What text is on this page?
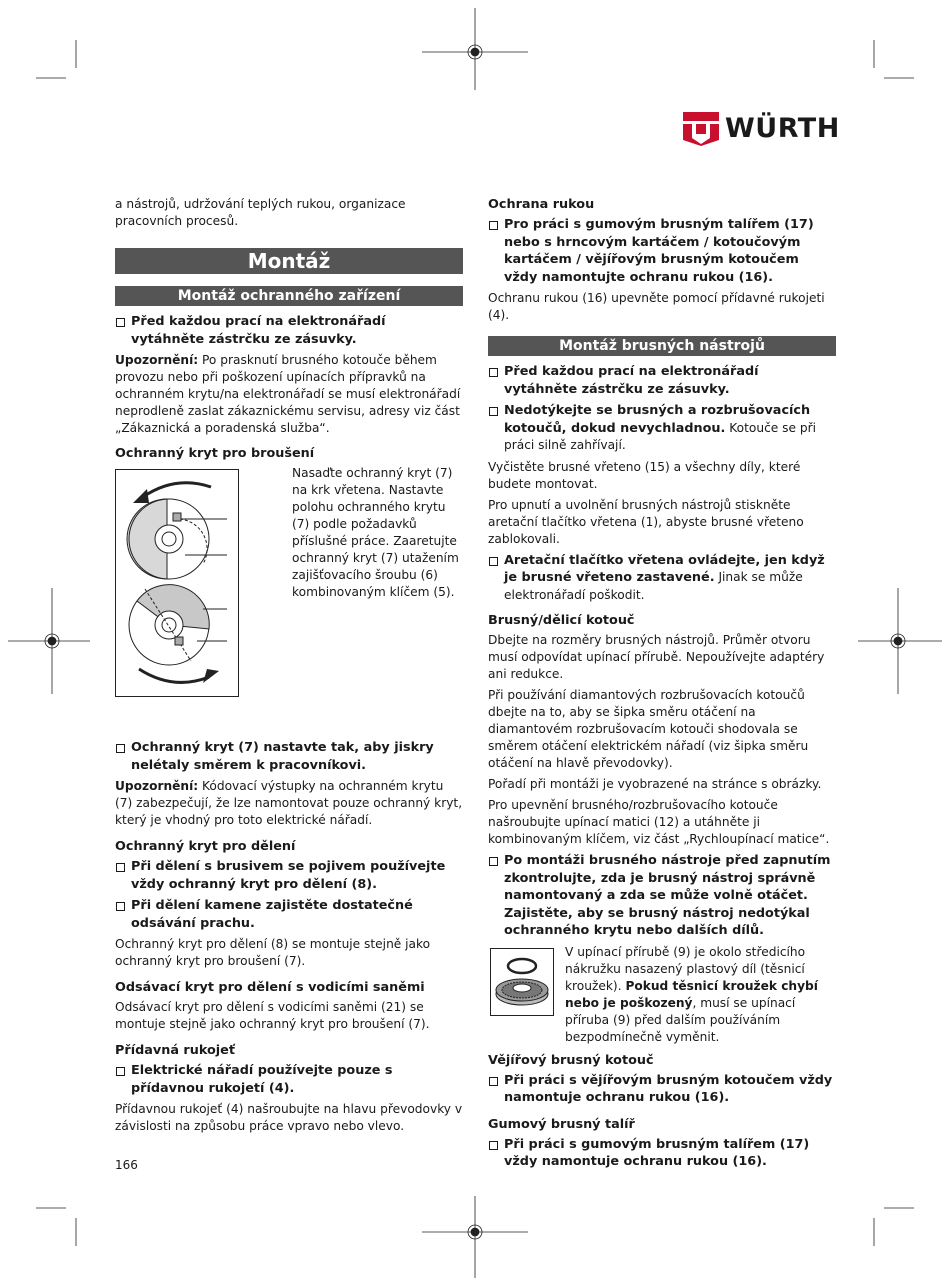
WÜRTH

a nástrojů, udržování teplých rukou, organizace pracovních procesů.

Montáž
Montáž ochranného zařízení
Před každou prací na elektronářadí vytáhněte zástrčku ze zásuvky.

Upozornění: Po prasknutí brusného kotouče během provozu nebo při poškození upínacích přípravků na ochranném krytu/na elektronářadí se musí elektronářadí neprodleně zaslat zákaznickému servisu, adresy viz část „Zákaznická a poradenská služba“.

Ochranný kryt pro broušení

Nasaďte ochranný kryt (7) na krk vřetena. Nastavte polohu ochranného krytu (7) podle požadavků příslušné práce. Zaaretujte ochranný kryt (7) utažením zajišťovacího šroubu (6) kombinovaným klíčem (5).

Ochranný kryt (7) nastavte tak, aby jiskry nelétaly směrem k pracovníkovi.

Upozornění: Kódovací výstupky na ochranném krytu (7) zabezpečují, že lze namontovat pouze ochranný kryt, který je vhodný pro toto elektrické nářadí.

Ochranný kryt pro dělení

Při dělení s brusivem se pojivem používejte vždy ochranný kryt pro dělení (8).
Při dělení kamene zajistěte dostatečné odsávání prachu.

Ochranný kryt pro dělení (8) se montuje stejně jako ochranný kryt pro broušení (7).

Odsávací kryt pro dělení s vodicími saněmi

Odsávací kryt pro dělení s vodicími saněmi (21) se montuje stejně jako ochranný kryt pro broušení (7).

Přídavná rukojeť

Elektrické nářadí používejte pouze s přídavnou rukojetí (4).

Přídavnou rukojeť (4) našroubujte na hlavu převodovky v závislosti na způsobu práce vpravo nebo vlevo.

Ochrana rukou

Pro práci s gumovým brusným talířem (17) nebo s hrncovým kartáčem / kotoučovým kartáčem / vějířovým brusným kotoučem vždy namontujte ochranu rukou (16).

Ochranu rukou (16) upevněte pomocí přídavné rukojeti (4).

Montáž brusných nástrojů
Před každou prací na elektronářadí vytáhněte zástrčku ze zásuvky.
Nedotýkejte se brusných a rozbrušovacích kotoučů, dokud nevychladnou. Kotouče se při práci silně zahřívají.

Vyčistěte brusné vřeteno (15) a všechny díly, které budete montovat.

Pro upnutí a uvolnění brusných nástrojů stiskněte aretační tlačítko vřetena (1), abyste brusné vřeteno zablokovali.

Aretační tlačítko vřetena ovládejte, jen když je brusné vřeteno zastavené. Jinak se může elektronářadí poškodit.

Brusný/dělicí kotouč

Dbejte na rozměry brusných nástrojů. Průměr otvoru musí odpovídat upínací přírubě. Nepoužívejte adaptéry ani redukce.

Při používání diamantových rozbrušovacích kotoučů dbejte na to, aby se šipka směru otáčení na diamantovém rozbrušovacím kotouči shodovala se směrem otáčení elektrickém nářadí (viz šipka směru otáčení na hlavě převodovky).

Pořadí při montáži je vyobrazené na stránce s obrázky.

Pro upevnění brusného/rozbrušovacího kotouče našroubujte upínací matici (12) a utáhněte ji kombinovaným klíčem, viz část „Rychloupínací matice“.

Po montáži brusného nástroje před zapnutím zkontrolujte, zda je brusný nástroj správně namontovaný a zda se může volně otáčet. Zajistěte, aby se brusný nástroj nedotýkal ochranného krytu nebo dalších dílů.

V upínací přírubě (9) je okolo středicího nákružku nasazený plastový díl (těsnicí kroužek). Pokud těsnicí kroužek chybí nebo je poškozený, musí se upínací příruba (9) před dalším používáním bezpodmínečně vyměnit.

Vějířový brusný kotouč

Při práci s vějířovým brusným kotoučem vždy namontuje ochranu rukou (16).

Gumový brusný talíř

Při práci s gumovým brusným talířem (17) vždy namontuje ochranu rukou (16).
166
